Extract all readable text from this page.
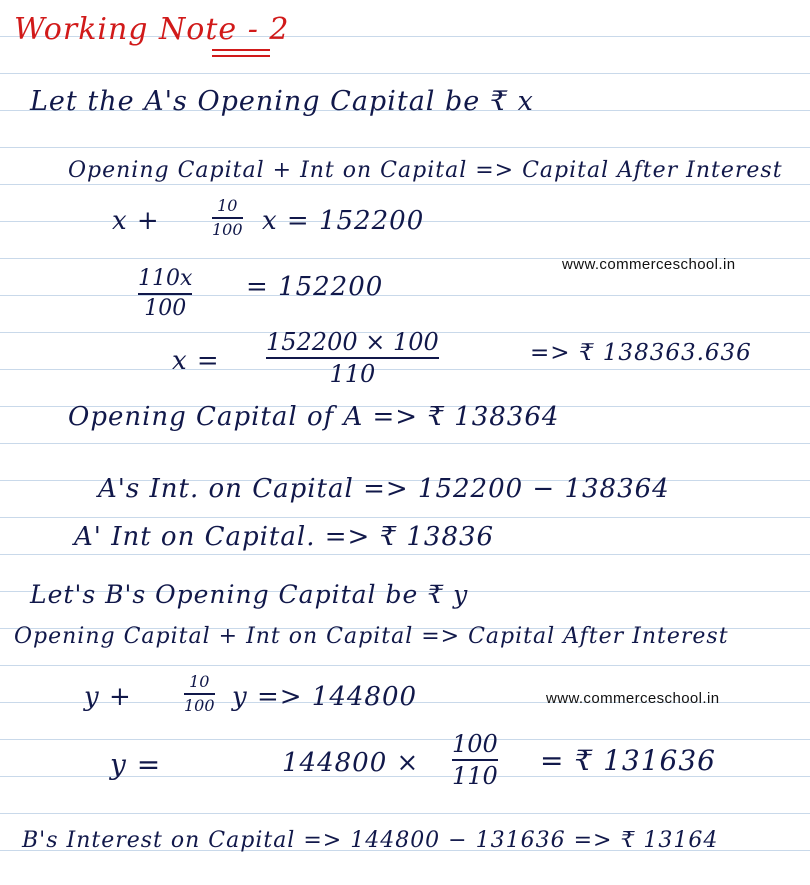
Working Note - 2
Let the A's Opening Capital be ₹ x
Opening Capital + Int on Capital => Capital After Interest
x +
10
100 x = 152200
www.commerceschool.in
110x
100
= 152200
x =
152200 × 100
110
=> ₹ 138363.636
Opening Capital of A => ₹ 138364
A's Int. on Capital => 152200 − 138364
A' Int on Capital. => ₹ 13836
Let's B's Opening Capital be ₹ y
Opening Capital + Int on Capital => Capital After Interest
y +
10
100 y => 144800	www.commerceschool.in
y =	144800 ×
100
110 = ₹ 131636
B's Interest on Capital => 144800 − 131636 => ₹ 13164
